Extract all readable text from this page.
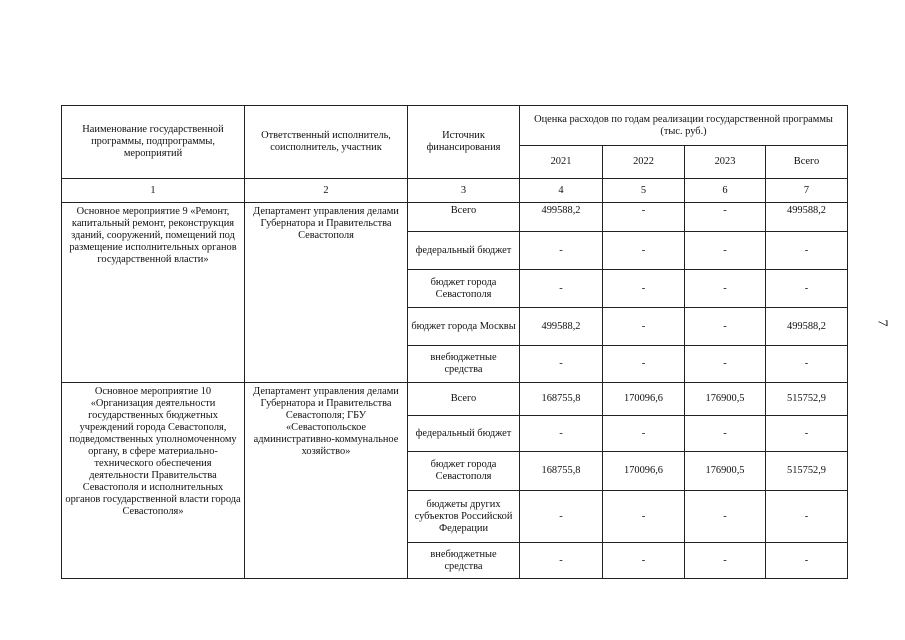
Наименование государственной программы, подпрограммы, мероприятий	Ответственный исполнитель, соисполнитель, участник	Источник финансирования	Оценка расходов по годам реализации государственной программы (тыс. руб.)			
			2021	2022	2023	Всего
1	2	3	4	5	6	7
Основное мероприятие 9 «Ремонт, капитальный ремонт, реконструкция зданий, сооружений, помещений под размещение исполнительных органов государственной власти»	Департамент управления делами Губернатора и Правительства Севастополя	Всего	499588,2	-	-	499588,2
		федеральный бюджет	-	-	-	-
		бюджет города Севастополя	-	-	-	-
		бюджет города Москвы	499588,2	-	-	499588,2
		внебюджетные средства	-	-	-	-
Основное мероприятие 10 «Организация деятельности государственных бюджетных учреждений города Севастополя, подведомственных уполномоченному органу, в сфере материально-технического обеспечения деятельности Правительства Севастополя и исполнительных органов государственной власти города Севастополя»	Департамент управления делами Губернатора и Правительства Севастополя; ГБУ «Севастопольское административно-коммунальное хозяйство»	Всего	168755,8	170096,6	176900,5	515752,9
		федеральный бюджет	-	-	-	-
		бюджет города Севастополя	168755,8	170096,6	176900,5	515752,9
		бюджеты других субъектов Российской Федерации	-	-	-	-
		внебюджетные средства	-	-	-	-
7
